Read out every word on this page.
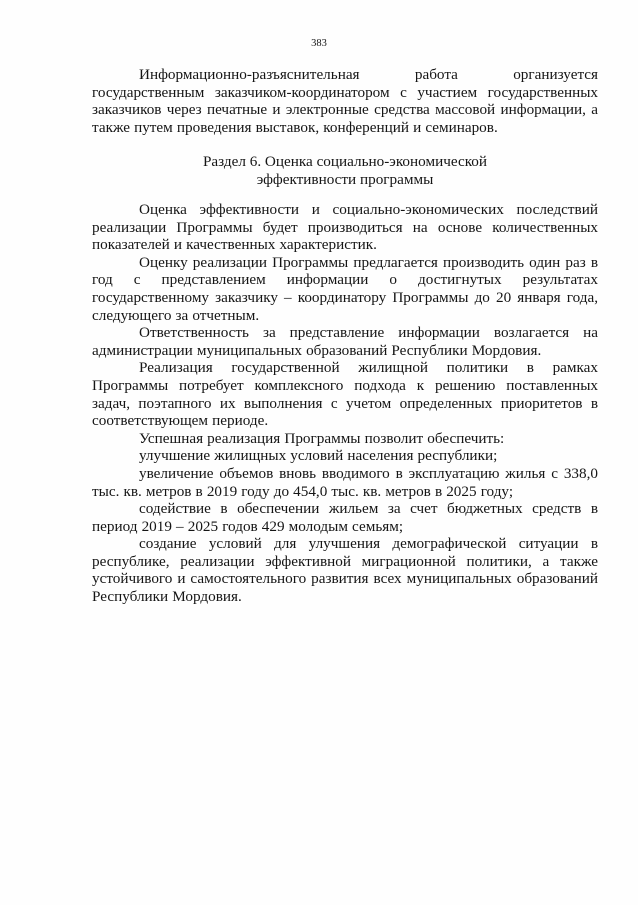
383

Информационно-разъяснительная работа организуется государственным заказчиком-координатором с участием государственных заказчиков через печатные и электронные средства массовой информации, а также путем проведения выставок, конференций и семинаров.

Раздел 6. Оценка социально-экономической
эффективности программы

Оценка эффективности и социально-экономических последствий реализации Программы будет производиться на основе количественных показателей и качественных характеристик.

Оценку реализации Программы предлагается производить один раз в год с представлением информации о достигнутых результатах государственному заказчику – координатору Программы до 20 января года, следующего за отчетным.

Ответственность за представление информации возлагается на администрации муниципальных образований Республики Мордовия.

Реализация государственной жилищной политики в рамках Программы потребует комплексного подхода к решению поставленных задач, поэтапного их выполнения с учетом определенных приоритетов в соответствующем периоде.

Успешная реализация Программы позволит обеспечить:

улучшение жилищных условий населения республики;

увеличение объемов вновь вводимого в эксплуатацию жилья с 338,0 тыс. кв. метров в 2019 году до 454,0 тыс. кв. метров в 2025 году;

содействие в обеспечении жильем за счет бюджетных средств в период 2019 – 2025 годов 429 молодым семьям;

создание условий для улучшения демографической ситуации в республике, реализации эффективной миграционной политики, а также устойчивого и самостоятельного развития всех муниципальных образований Республики Мордовия.
